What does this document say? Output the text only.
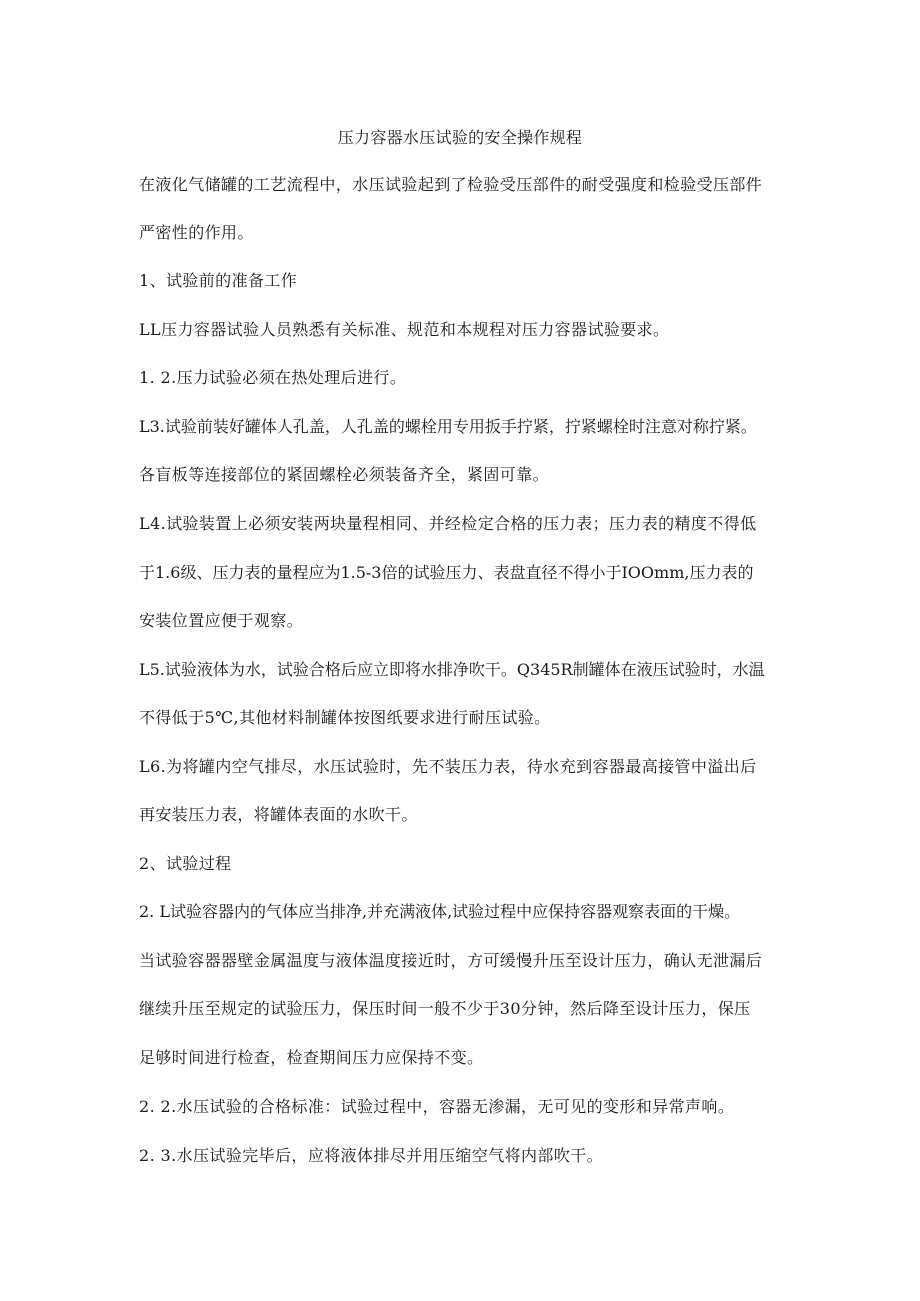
压力容器水压试验的安全操作规程
在液化气储罐的工艺流程中，水压试验起到了检验受压部件的耐受强度和检验受压部件
严密性的作用。
1、试验前的准备工作
LL压力容器试验人员熟悉有关标准、规范和本规程对压力容器试验要求。
1. 2.压力试验必须在热处理后进行。
L3.试验前装好罐体人孔盖，人孔盖的螺栓用专用扳手拧紧，拧紧螺栓时注意对称拧紧。
各盲板等连接部位的紧固螺栓必须装备齐全，紧固可靠。
L4.试验装置上必须安装两块量程相同、并经检定合格的压力表；压力表的精度不得低
于1.6级、压力表的量程应为1.5-3倍的试验压力、表盘直径不得小于IOOmm,压力表的
安装位置应便于观察。
L5.试验液体为水，试验合格后应立即将水排净吹干。Q345R制罐体在液压试验时，水温
不得低于5℃,其他材料制罐体按图纸要求进行耐压试验。
L6.为将罐内空气排尽，水压试验时，先不装压力表，待水充到容器最高接管中溢出后
再安装压力表，将罐体表面的水吹干。
2、试验过程
2. L试验容器内的气体应当排净,并充满液体,试验过程中应保持容器观察表面的干燥。
当试验容器器壁金属温度与液体温度接近时，方可缓慢升压至设计压力，确认无泄漏后
继续升压至规定的试验压力，保压时间一般不少于30分钟，然后降至设计压力，保压
足够时间进行检查，检查期间压力应保持不变。
2. 2.水压试验的合格标准：试验过程中，容器无渗漏，无可见的变形和异常声响。
2. 3.水压试验完毕后，应将液体排尽并用压缩空气将内部吹干。
